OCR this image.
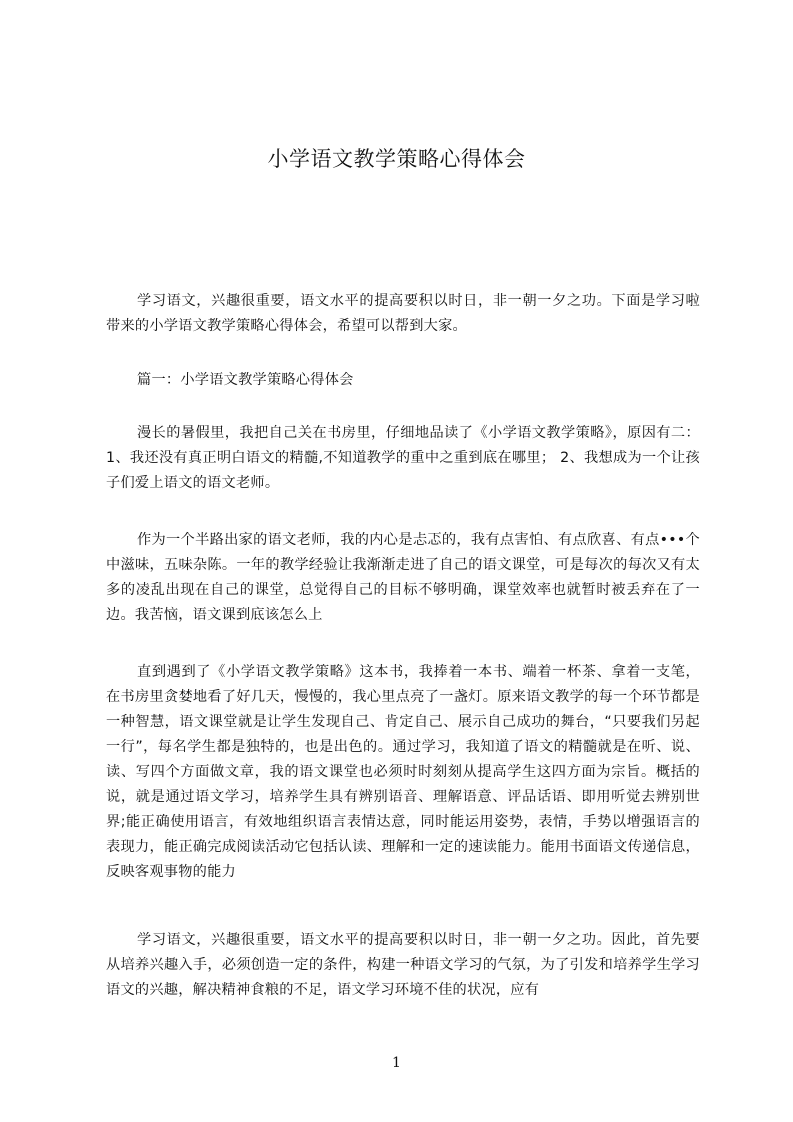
小学语文教学策略心得体会

学习语文，兴趣很重要，语文水平的提高要积以时日，非一朝一夕之功。下面是学习啦带来的小学语文教学策略心得体会，希望可以帮到大家。

篇一：小学语文教学策略心得体会

漫长的暑假里，我把自己关在书房里，仔细地品读了《小学语文教学策略》，原因有二：1、我还没有真正明白语文的精髓,不知道教学的重中之重到底在哪里； 2、我想成为一个让孩子们爱上语文的语文老师。

作为一个半路出家的语文老师，我的内心是忐忑的，我有点害怕、有点欣喜、有点•••个中滋味，五味杂陈。一年的教学经验让我渐渐走进了自己的语文课堂，可是每次的每次又有太多的凌乱出现在自己的课堂，总觉得自己的目标不够明确，课堂效率也就暂时被丢弃在了一边。我苦恼，语文课到底该怎么上

直到遇到了《小学语文教学策略》这本书，我捧着一本书、端着一杯茶、拿着一支笔，在书房里贪婪地看了好几天，慢慢的，我心里点亮了一盏灯。原来语文教学的每一个环节都是一种智慧，语文课堂就是让学生发现自己、肯定自己、展示自己成功的舞台，“只要我们另起一行”，每名学生都是独特的，也是出色的。通过学习，我知道了语文的精髓就是在听、说、读、写四个方面做文章，我的语文课堂也必须时时刻刻从提高学生这四方面为宗旨。概括的说，就是通过语文学习，培养学生具有辨别语音、理解语意、评品话语、即用听觉去辨别世界;能正确使用语言，有效地组织语言表情达意，同时能运用姿势，表情，手势以增强语言的表现力，能正确完成阅读活动它包括认读、理解和一定的速读能力。能用书面语文传递信息，反映客观事物的能力

学习语文，兴趣很重要，语文水平的提高要积以时日，非一朝一夕之功。因此，首先要从培养兴趣入手，必须创造一定的条件，构建一种语文学习的气氛，为了引发和培养学生学习语文的兴趣，解决精神食粮的不足，语文学习环境不佳的状况，应有

1
